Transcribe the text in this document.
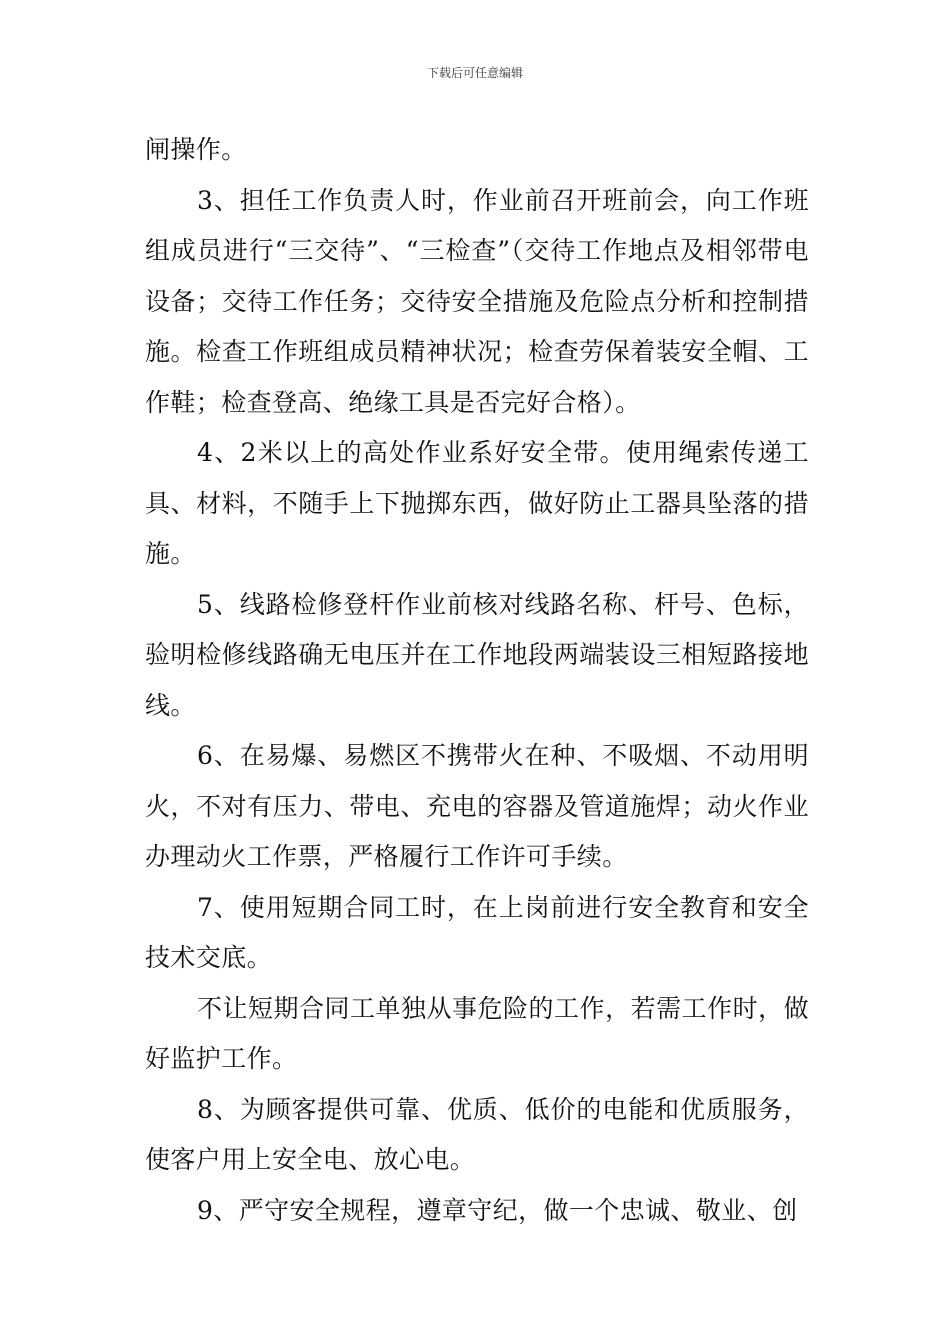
下载后可任意编辑

闸操作。

3、担任工作负责人时，作业前召开班前会，向工作班组成员进行“三交待”、“三检查”（交待工作地点及相邻带电设备；交待工作任务；交待安全措施及危险点分析和控制措施。检查工作班组成员精神状况；检查劳保着装安全帽、工作鞋；检查登高、绝缘工具是否完好合格）。

4、2米以上的高处作业系好安全带。使用绳索传递工具、材料，不随手上下抛掷东西，做好防止工器具坠落的措施。

5、线路检修登杆作业前核对线路名称、杆号、色标，验明检修线路确无电压并在工作地段两端装设三相短路接地线。

6、在易爆、易燃区不携带火在种、不吸烟、不动用明火，不对有压力、带电、充电的容器及管道施焊；动火作业办理动火工作票，严格履行工作许可手续。

7、使用短期合同工时，在上岗前进行安全教育和安全技术交底。

不让短期合同工单独从事危险的工作，若需工作时，做好监护工作。

8、为顾客提供可靠、优质、低价的电能和优质服务，使客户用上安全电、放心电。

9、严守安全规程，遵章守纪，做一个忠诚、敬业、创
